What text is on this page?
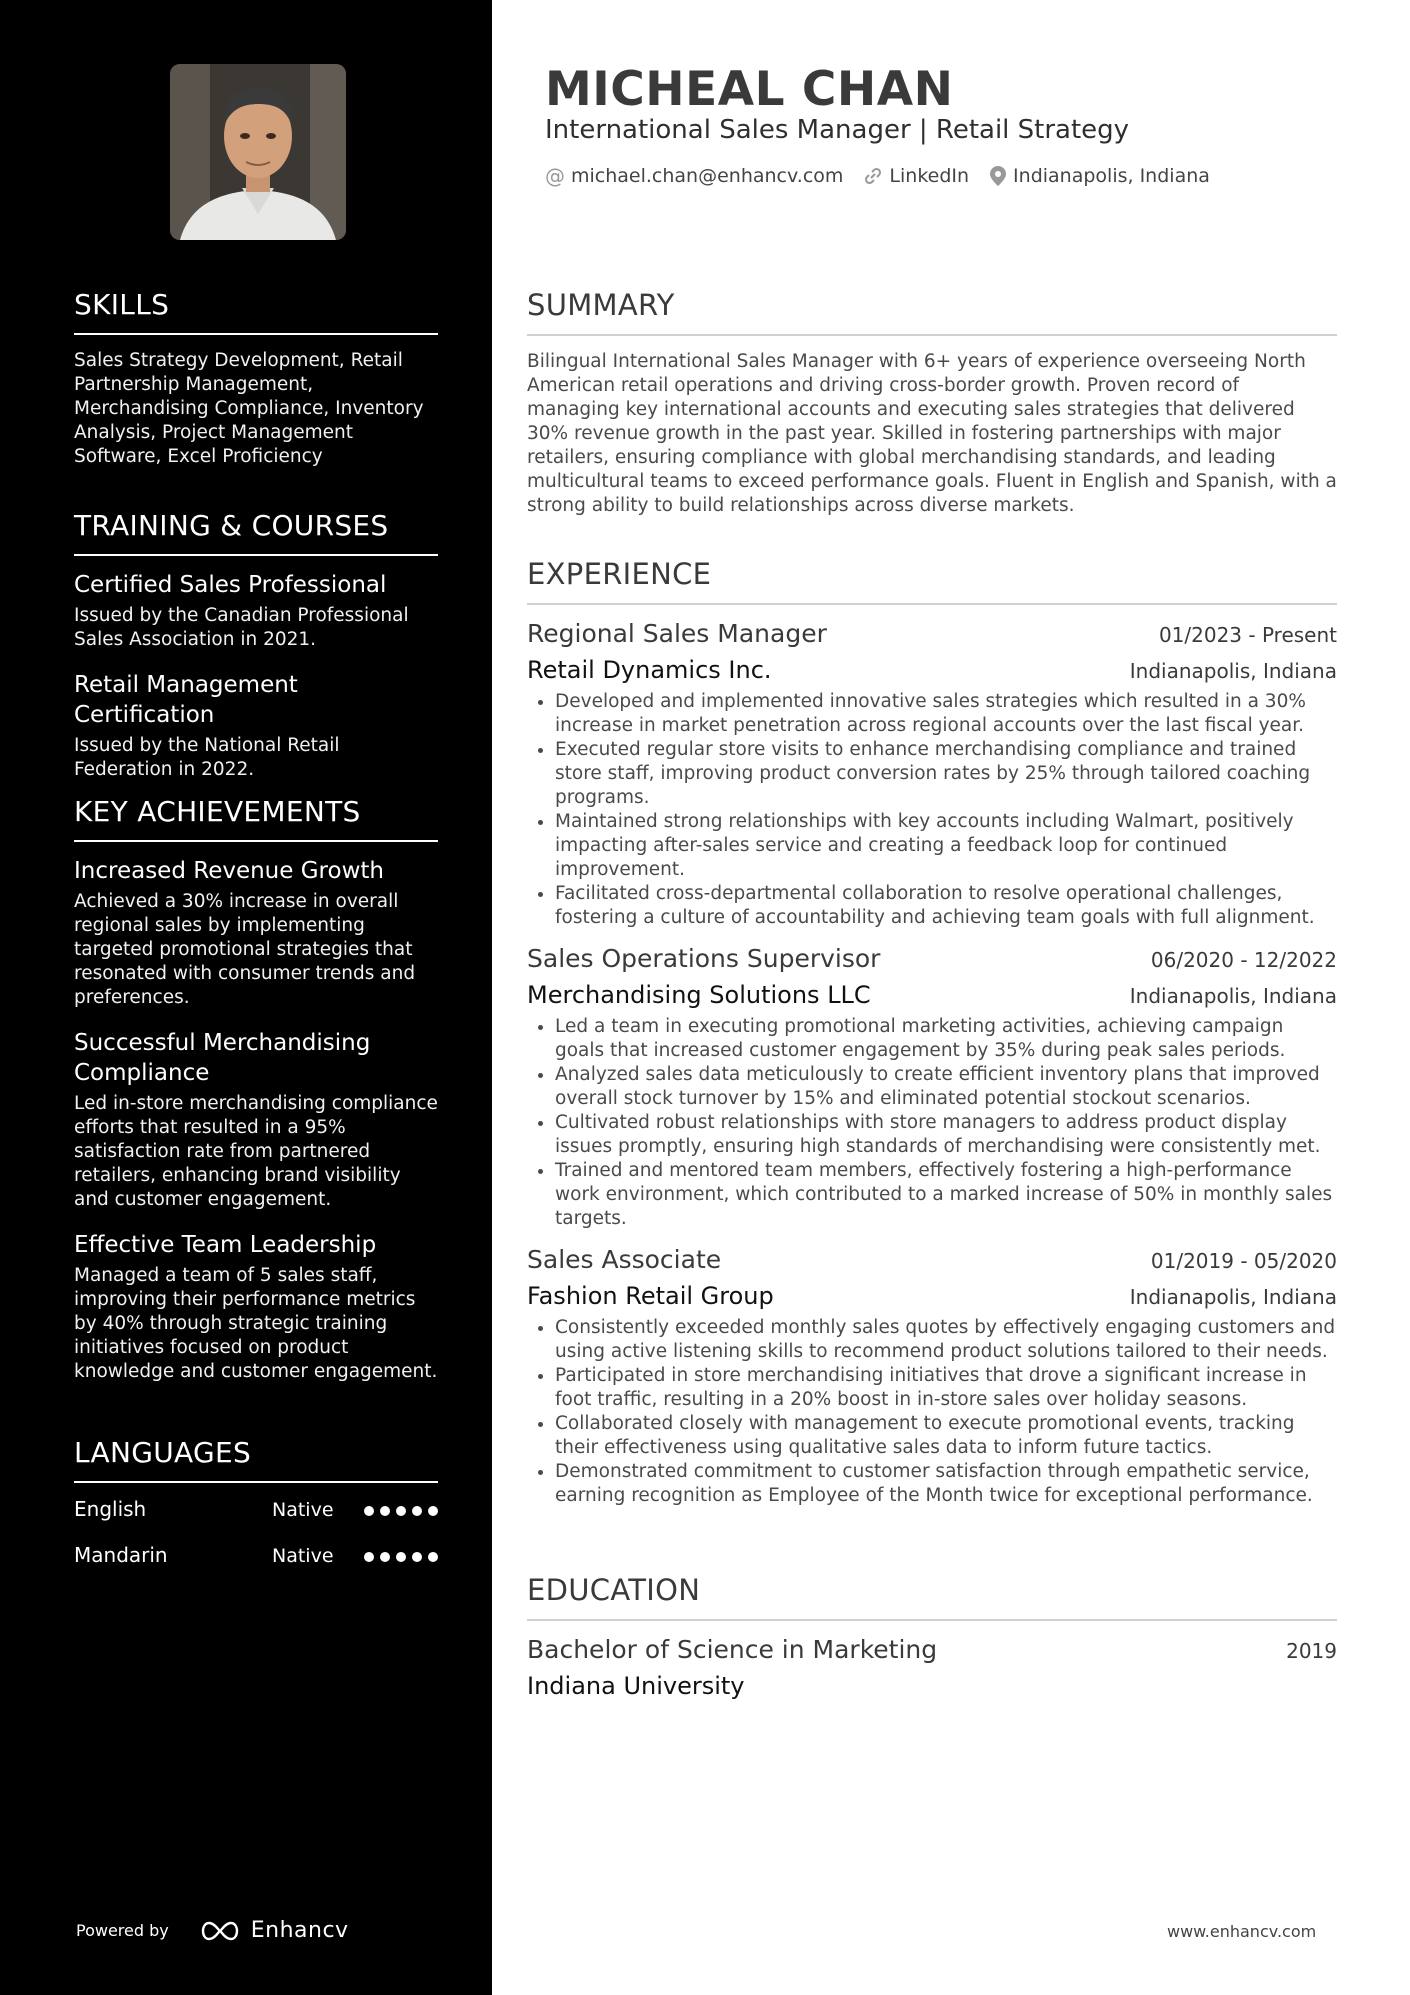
SKILLS

Sales Strategy Development, Retail Partnership Management, Merchandising Compliance, Inventory Analysis, Project Management Software, Excel Proficiency

TRAINING & COURSES
Certified Sales Professional

Issued by the Canadian Professional Sales Association in 2021.

Retail Management Certification

Issued by the National Retail Federation in 2022.

KEY ACHIEVEMENTS
Increased Revenue Growth

Achieved a 30% increase in overall regional sales by implementing targeted promotional strategies that resonated with consumer trends and preferences.

Successful Merchandising Compliance

Led in-store merchandising compliance efforts that resulted in a 95% satisfaction rate from partnered retailers, enhancing brand visibility and customer engagement.

Effective Team Leadership

Managed a team of 5 sales staff, improving their performance metrics by 40% through strategic training initiatives focused on product knowledge and customer engagement.

LANGUAGES
English	Native
Mandarin	Native
Powered by	Enhancv
MICHEAL CHAN
International Sales Manager | Retail Strategy
@ michael.chan@enhancv.com LinkedIn Indianapolis, Indiana
SUMMARY

Bilingual International Sales Manager with 6+ years of experience overseeing North American retail operations and driving cross-border growth. Proven record of managing key international accounts and executing sales strategies that delivered 30% revenue growth in the past year. Skilled in fostering partnerships with major retailers, ensuring compliance with global merchandising standards, and leading multicultural teams to exceed performance goals. Fluent in English and Spanish, with a strong ability to build relationships across diverse markets.

EXPERIENCE
Regional Sales Manager	01/2023 - Present
Retail Dynamics Inc.	Indianapolis, Indiana
• Developed and implemented innovative sales strategies which resulted in a 30% increase in market penetration across regional accounts over the last fiscal year.
• Executed regular store visits to enhance merchandising compliance and trained store staff, improving product conversion rates by 25% through tailored coaching programs.
• Maintained strong relationships with key accounts including Walmart, positively impacting after-sales service and creating a feedback loop for continued improvement.
• Facilitated cross-departmental collaboration to resolve operational challenges, fostering a culture of accountability and achieving team goals with full alignment.
Sales Operations Supervisor	06/2020 - 12/2022
Merchandising Solutions LLC	Indianapolis, Indiana
• Led a team in executing promotional marketing activities, achieving campaign goals that increased customer engagement by 35% during peak sales periods.
• Analyzed sales data meticulously to create efficient inventory plans that improved overall stock turnover by 15% and eliminated potential stockout scenarios.
• Cultivated robust relationships with store managers to address product display issues promptly, ensuring high standards of merchandising were consistently met.
• Trained and mentored team members, effectively fostering a high-performance work environment, which contributed to a marked increase of 50% in monthly sales targets.
Sales Associate	01/2019 - 05/2020
Fashion Retail Group	Indianapolis, Indiana
• Consistently exceeded monthly sales quotes by effectively engaging customers and using active listening skills to recommend product solutions tailored to their needs.
• Participated in store merchandising initiatives that drove a significant increase in foot traffic, resulting in a 20% boost in in-store sales over holiday seasons.
• Collaborated closely with management to execute promotional events, tracking their effectiveness using qualitative sales data to inform future tactics.
• Demonstrated commitment to customer satisfaction through empathetic service, earning recognition as Employee of the Month twice for exceptional performance.
EDUCATION
Bachelor of Science in Marketing	2019
Indiana University
www.enhancv.com
